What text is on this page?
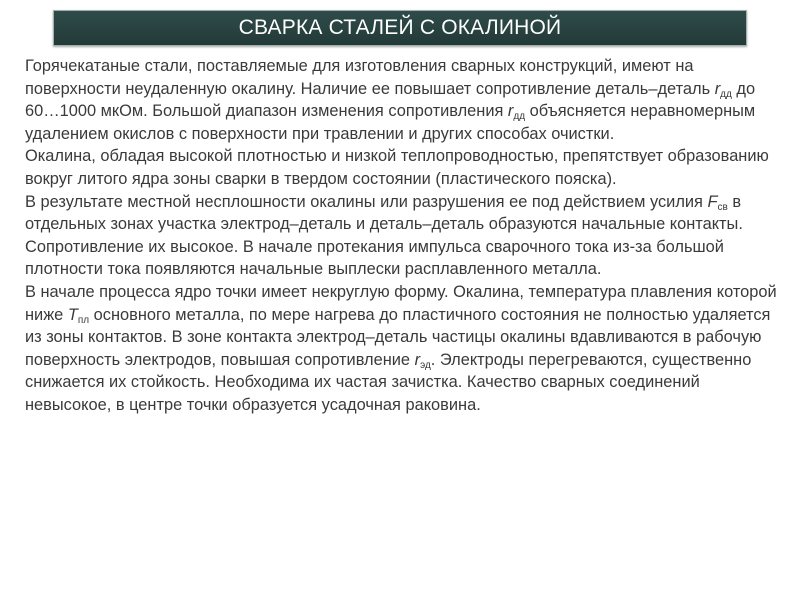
СВАРКА СТАЛЕЙ С ОКАЛИНОЙ

Горячекатаные стали, поставляемые для изготовления сварных конструкций, имеют на поверхности неудаленную окалину. Наличие ее повышает сопротивление деталь–деталь $r_{дд}$ до 60…1000 мкОм. Большой диапазон изменения сопротивления $r_{дд}$ объясняется неравномерным удалением окислов с поверхности при травлении и других способах очистки.

Окалина, обладая высокой плотностью и низкой теплопроводностью, препятствует образованию вокруг литого ядра зоны сварки в твердом состоянии (пластического пояска).

В результате местной несплошности окалины или разрушения ее под действием усилия $F_{св}$ в отдельных зонах участка электрод–деталь и деталь–деталь образуются начальные контакты. Сопротивление их высокое. В начале протекания импульса сварочного тока из-за большой плотности тока появляются начальные выплески расплавленного металла.

В начале процесса ядро точки имеет некруглую форму. Окалина, температура плавления которой ниже $T_{пл}$ основного металла, по мере нагрева до пластичного состояния не полностью удаляется из зоны контактов. В зоне контакта электрод–деталь частицы окалины вдавливаются в рабочую поверхность электродов, повышая сопротивление $r_{эд}$. Электроды перегреваются, существенно снижается их стойкость. Необходима их частая зачистка. Качество сварных соединений невысокое, в центре точки образуется усадочная раковина.
